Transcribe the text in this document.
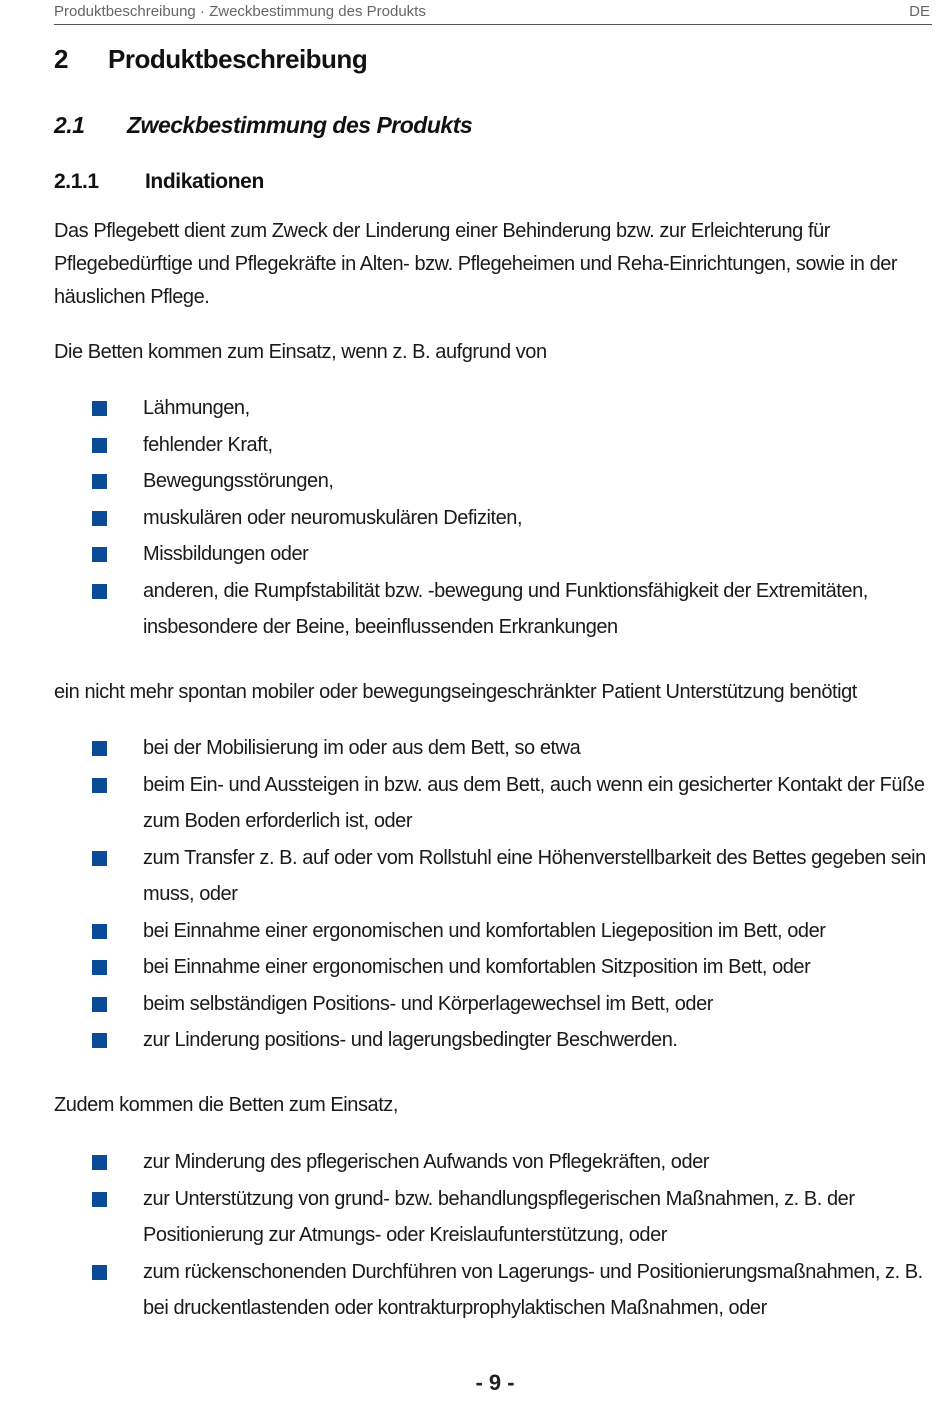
Produktbeschreibung · Zweckbestimmung des Produkts	DE
2 Produktbeschreibung
2.1 Zweckbestimmung des Produkts
2.1.1 Indikationen

Das Pflegebett dient zum Zweck der Linderung einer Behinderung bzw. zur Erleichterung für Pflegebedürftige und Pflegekräfte in Alten- bzw. Pflegeheimen und Reha-Einrichtungen, sowie in der häuslichen Pflege.

Die Betten kommen zum Einsatz, wenn z. B. aufgrund von

Lähmungen,
fehlender Kraft,
Bewegungsstörungen,
muskulären oder neuromuskulären Defiziten,
Missbildungen oder
anderen, die Rumpfstabilität bzw. -bewegung und Funktionsfähigkeit der Extremitäten, insbesondere der Beine, beeinflussenden Erkrankungen

ein nicht mehr spontan mobiler oder bewegungseingeschränkter Patient Unterstützung benötigt

bei der Mobilisierung im oder aus dem Bett, so etwa
beim Ein- und Aussteigen in bzw. aus dem Bett, auch wenn ein gesicherter Kontakt der Füße zum Boden erforderlich ist, oder
zum Transfer z. B. auf oder vom Rollstuhl eine Höhenverstellbarkeit des Bettes gegeben sein muss, oder
bei Einnahme einer ergonomischen und komfortablen Liegeposition im Bett, oder
bei Einnahme einer ergonomischen und komfortablen Sitzposition im Bett, oder
beim selbständigen Positions- und Körperlagewechsel im Bett, oder
zur Linderung positions- und lagerungsbedingter Beschwerden.

Zudem kommen die Betten zum Einsatz,

zur Minderung des pflegerischen Aufwands von Pflegekräften, oder
zur Unterstützung von grund- bzw. behandlungspflegerischen Maßnahmen, z. B. der Positionierung zur Atmungs- oder Kreislaufunterstützung, oder
zum rückenschonenden Durchführen von Lagerungs- und Positionierungsmaßnahmen, z. B. bei druckentlastenden oder kontrakturprophylaktischen Maßnahmen, oder
- 9 -
